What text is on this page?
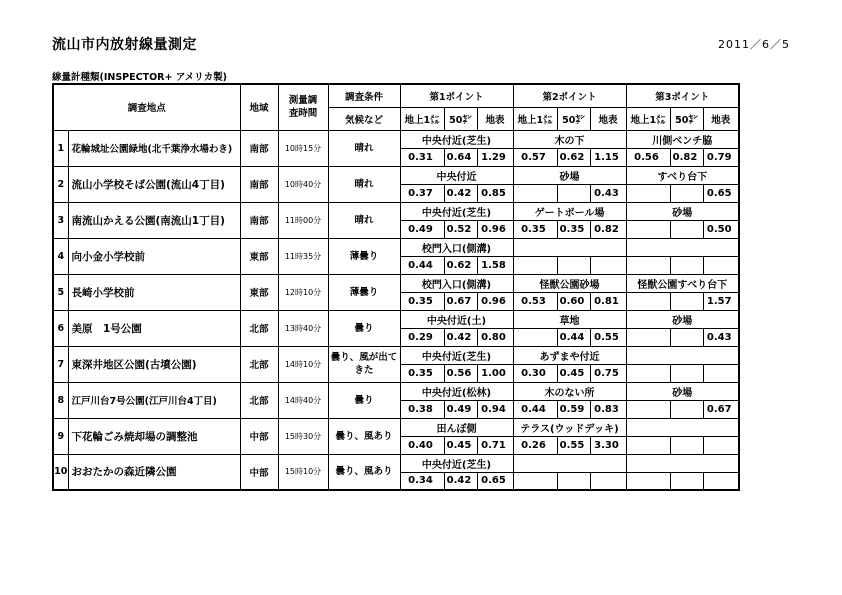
流山市内放射線量測定	2011／6／5
線量計種類(INSPECTOR+ アメリカ製)
調査地点		地域	測量調
査時間	調査条件	第1ポイント			第2ポイント			第3ポイント		
				気候など	地上1㍍	50㌢	地表	地上1㍍	50㌢	地表	地上1㍍	50㌢	地表
1	花輪城址公園緑地(北千葉浄水場わき)	南部	10時15分	晴れ	中央付近(芝生)			木の下			川側ベンチ脇		
					0.31	0.64	1.29	0.57	0.62	1.15	0.56	0.82	0.79
2	流山小学校そば公園(流山4丁目)	南部	10時40分	晴れ	中央付近			砂場			すべり台下		
					0.37	0.42	0.85			0.43			0.65
3	南流山かえる公園(南流山1丁目)	南部	11時00分	晴れ	中央付近(芝生)			ゲートボール場			砂場		
					0.49	0.52	0.96	0.35	0.35	0.82			0.50
4	向小金小学校前	東部	11時35分	薄曇り	校門入口(側溝)								
					0.44	0.62	1.58						
5	長崎小学校前	東部	12時10分	薄曇り	校門入口(側溝)			怪獣公園砂場			怪獣公園すべり台下		
					0.35	0.67	0.96	0.53	0.60	0.81			1.57
6	美原　1号公園	北部	13時40分	曇り	中央付近(土)			草地			砂場		
					0.29	0.42	0.80		0.44	0.55			0.43
7	東深井地区公園(古墳公園)	北部	14時10分	曇り、風が出てきた	中央付近(芝生)			あずまや付近					
					0.35	0.56	1.00	0.30	0.45	0.75			
8	江戸川台7号公園(江戸川台4丁目)	北部	14時40分	曇り	中央付近(松林)			木のない所			砂場		
					0.38	0.49	0.94	0.44	0.59	0.83			0.67
9	下花輪ごみ焼却場の調整池	中部	15時30分	曇り、風あり	田んぼ側			テラス(ウッドデッキ)					
					0.40	0.45	0.71	0.26	0.55	3.30			
10	おおたかの森近隣公園	中部	15時10分	曇り、風あり	中央付近(芝生)								
					0.34	0.42	0.65						
